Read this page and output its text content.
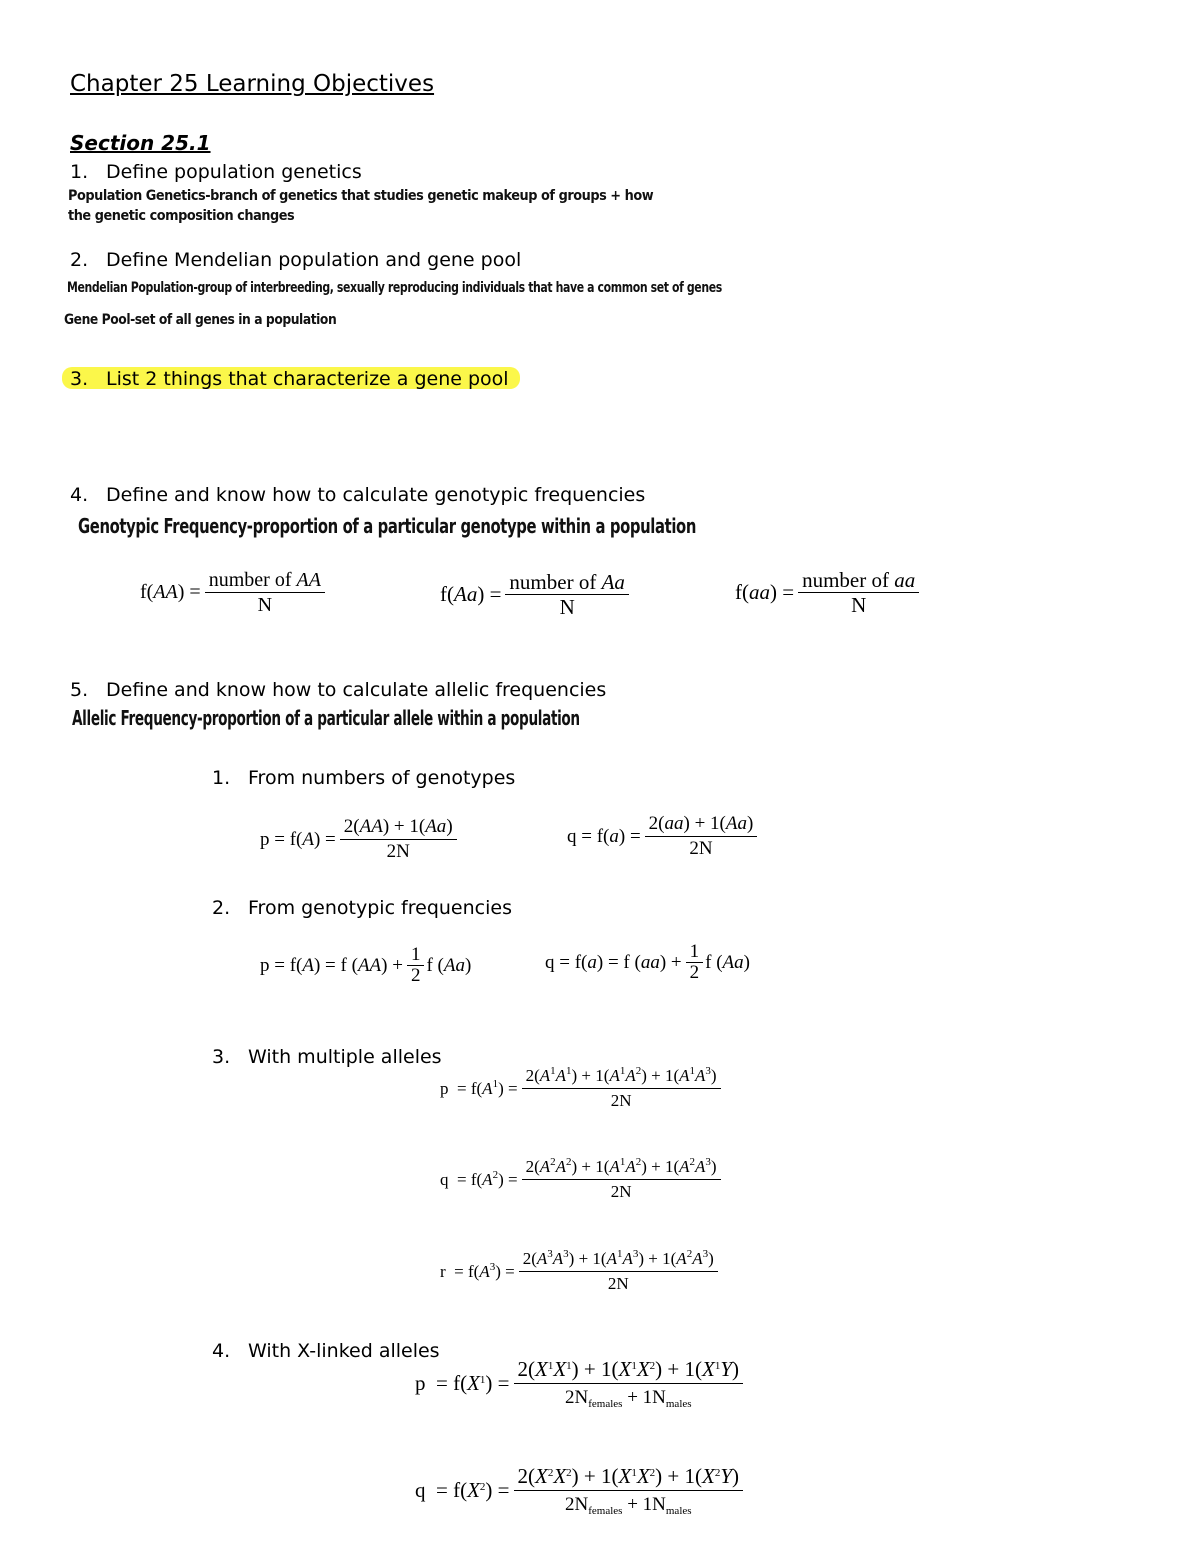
Chapter 25 Learning Objectives
Section 25.1
1. Define population genetics
Population Genetics-branch of genetics that studies genetic makeup of groups + how
the genetic composition changes
2. Define Mendelian population and gene pool
Mendelian Population-group of interbreeding, sexually reproducing individuals that have a common set of genes
Gene Pool-set of all genes in a population
3. List 2 things that characterize a gene pool
4. Define and know how to calculate genotypic frequencies
Genotypic Frequency-proportion of a particular genotype within a population
$f(AA) = \frac{\text{number of AA}}{N}$	$f(Aa) = \frac{\text{number of Aa}}{N}$	$f(aa) = \frac{\text{number of aa}}{N}$
5. Define and know how to calculate allelic frequencies
Allelic Frequency-proportion of a particular allele within a population
1. From numbers of genotypes
$p = f(A) = \frac{2(AA) + 1(Aa)}{2N}$	$q = f(a) = \frac{2(aa) + 1(Aa)}{2N}$
2. From genotypic frequencies
p = f(A) = f $(AA) + \frac{1}{2}$ f (Aa)	q = f(a) = f $(aa) + \frac{1}{2}$ f (Aa)
3. With multiple alleles
$p = f(A^1) = \frac{2(A^1A^1) + 1(A^1A^2) + 1(A^1A^3)}{2N}$
$q = f(A^2) = \frac{2(A^2A^2) + 1(A^1A^2) + 1(A^2A^3)}{2N}$
$r = f(A^3) = \frac{2(A^3A^3) + 1(A^1A^3) + 1(A^2A^3)}{2N}$
4. With X-linked alleles
$p = f(X^1) = \frac{2(X^1X^1) + 1(X^1X^2) + 1(X^1Y)}{2N_{females} + 1N_{males}}$
$q = f(X^2) = \frac{2(X^2X^2) + 1(X^1X^2) + 1(X^2Y)}{2N_{females} + 1N_{males}}$
